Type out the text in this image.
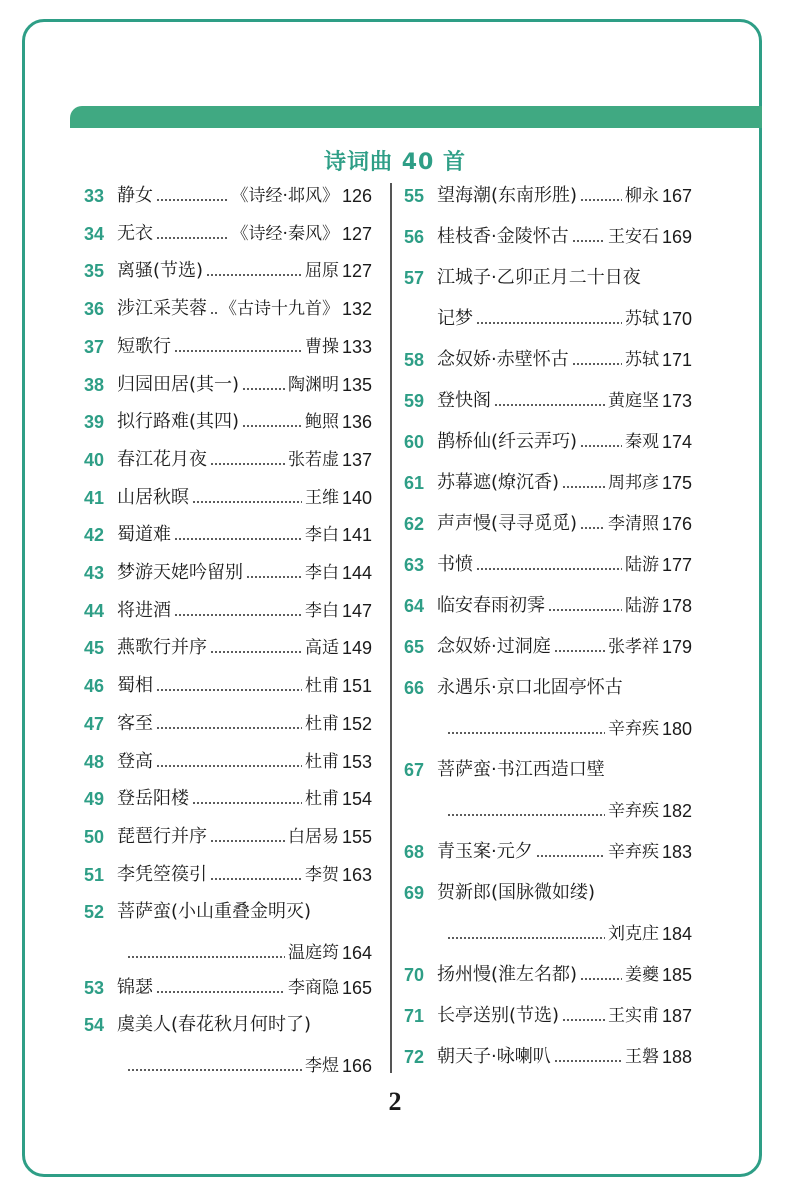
诗词曲 40 首
33 静女	《诗经·邶风》 126
34 无衣	《诗经·秦风》 127
35 离骚(节选)	屈原 127
36 涉江采芙蓉 《古诗十九首》 132
37 短歌行	曹操 133
38 归园田居(其一)	陶渊明 135
39 拟行路难(其四)	鲍照 136
40 春江花月夜	张若虚 137
41 山居秋暝	王维 140
42 蜀道难	李白 141
43 梦游天姥吟留别	李白 144
44 将进酒	李白 147
45 燕歌行并序	高适 149
46 蜀相	杜甫 151
47 客至	杜甫 152
48 登高	杜甫 153
49 登岳阳楼	杜甫 154
50 琵琶行并序	白居易 155
51 李凭箜篌引	李贺 163
52 菩萨蛮(小山重叠金明灭)
温庭筠 164
53 锦瑟	李商隐 165
54 虞美人(春花秋月何时了)
李煜 166
55 望海潮(东南形胜)	柳永 167
56 桂枝香·金陵怀古 王安石 169
57 江城子·乙卯正月二十日夜
记梦	苏轼 170
58 念奴娇·赤壁怀古	苏轼 171
59 登快阁	黄庭坚 173
60 鹊桥仙(纤云弄巧)	秦观 174
61 苏幕遮(燎沉香)	周邦彦 175
62 声声慢(寻寻觅觅) 李清照 176
63 书愤	陆游 177
64 临安春雨初霁	陆游 178
65 念奴娇·过洞庭	张孝祥 179
66 永遇乐·京口北固亭怀古
辛弃疾 180
67 菩萨蛮·书江西造口壁
辛弃疾 182
68 青玉案·元夕	辛弃疾 183
69 贺新郎(国脉微如缕)
刘克庄 184
70 扬州慢(淮左名都)	姜夔 185
71 长亭送别(节选)	王实甫 187
72 朝天子·咏喇叭	王磐 188
2
